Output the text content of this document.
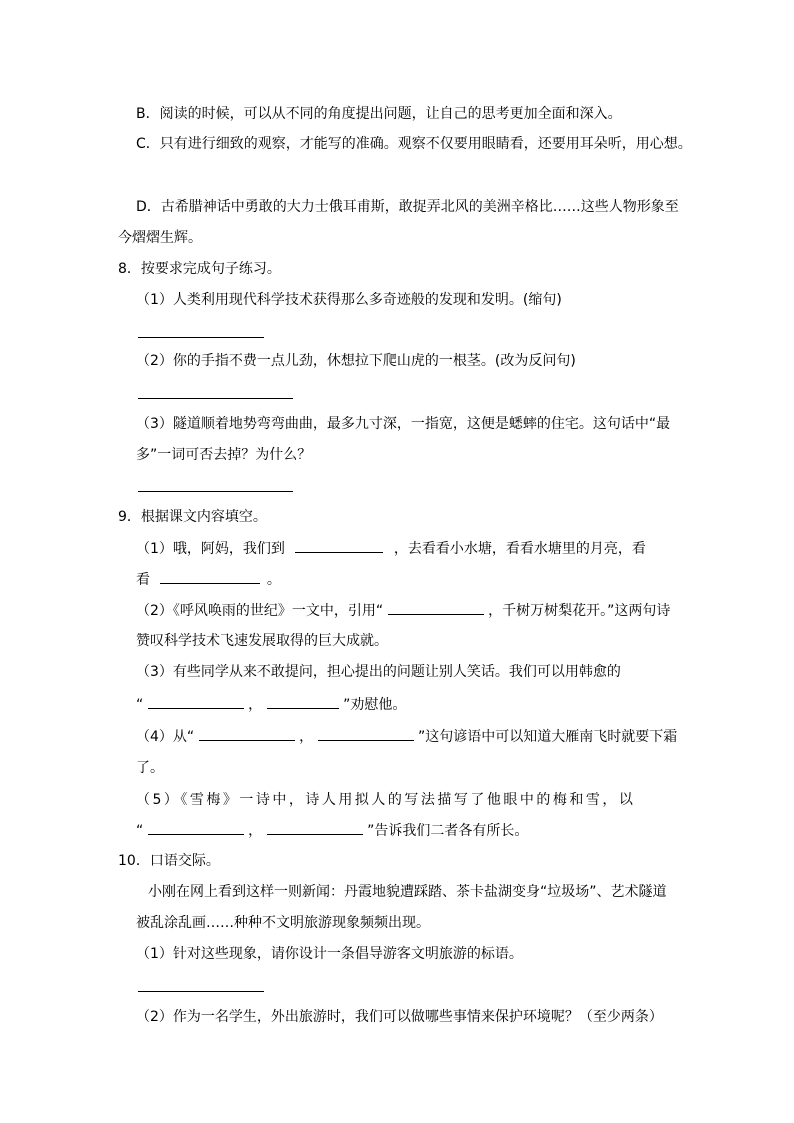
B．阅读的时候，可以从不同的角度提出问题，让自己的思考更加全面和深入。
C．只有进行细致的观察，才能写的准确。观察不仅要用眼睛看，还要用耳朵听，用心想。
D．古希腊神话中勇敢的大力士俄耳甫斯，敢捉弄北风的美洲辛格比……这些人物形象至
今熠熠生辉。
8．按要求完成句子练习。
（1）人类利用现代科学技术获得那么多奇迹般的发现和发明。(缩句)
（2）你的手指不费一点儿劲，休想拉下爬山虎的一根茎。(改为反问句)
（3）隧道顺着地势弯弯曲曲，最多九寸深，一指宽，这便是蟋蟀的住宅。这句话中“最
多”一词可否去掉？为什么？
9．根据课文内容填空。
（1）哦，阿妈，我们到	，去看看小水塘，看看水塘里的月亮，看
看	。
（2）《呼风唤雨的世纪》一文中，引用“	，千树万树梨花开。”这两句诗
赞叹科学技术飞速发展取得的巨大成就。
（3）有些同学从来不敢提问，担心提出的问题让别人笑话。我们可以用韩愈的
“	，	”劝慰他。
（4）从“	，	”这句谚语中可以知道大雁南飞时就要下霜
了。
（5）《雪梅》一诗中，诗人用拟人的写法描写了他眼中的梅和雪，以
“	，	”告诉我们二者各有所长。
10．口语交际。
小刚在网上看到这样一则新闻：丹霞地貌遭踩踏、茶卡盐湖变身“垃圾场”、艺术隧道
被乱涂乱画……种种不文明旅游现象频频出现。
（1）针对这些现象，请你设计一条倡导游客文明旅游的标语。
（2）作为一名学生，外出旅游时，我们可以做哪些事情来保护环境呢？（至少两条）
